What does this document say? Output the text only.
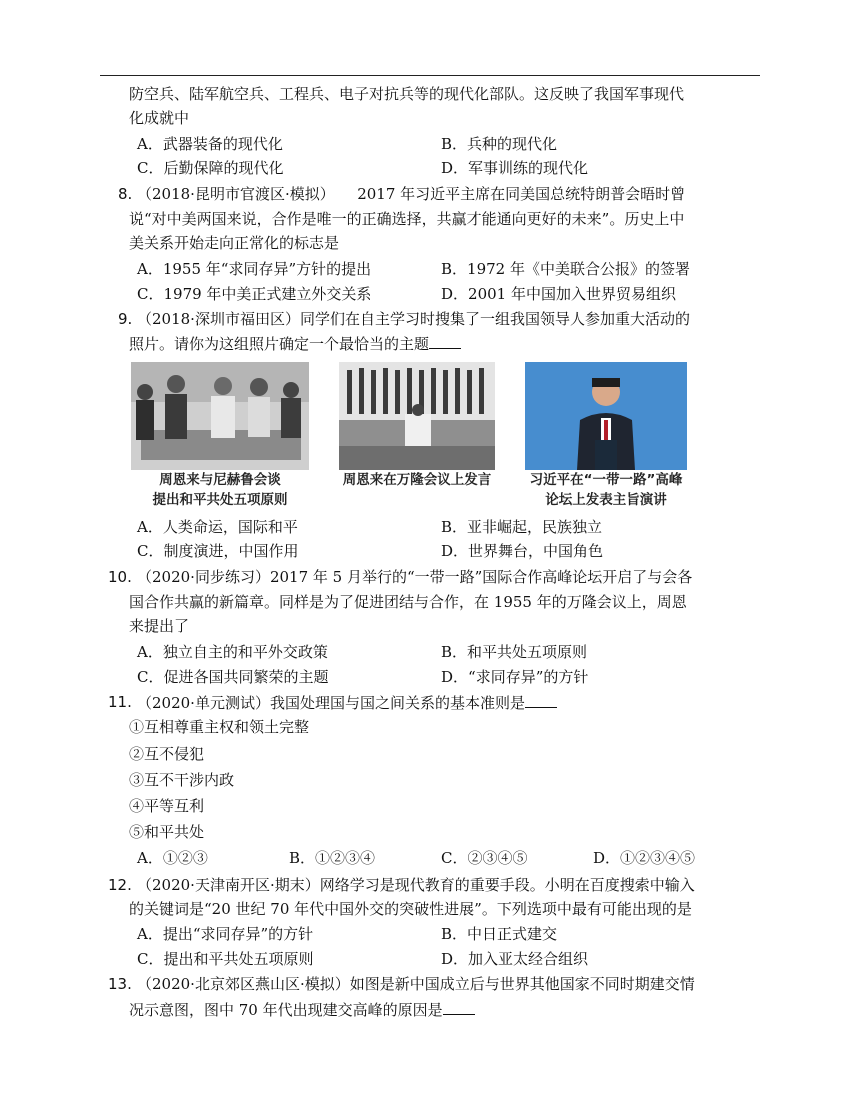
防空兵、陆军航空兵、工程兵、电子对抗兵等的现代化部队。这反映了我国军事现代
化成就中
A．武器装备的现代化	B．兵种的现代化
C．后勤保障的现代化	D．军事训练的现代化
8. （2018·昆明市官渡区·模拟）　　2017 年习近平主席在同美国总统特朗普会晤时曾
说“对中美两国来说，合作是唯一的正确选择，共赢才能通向更好的未来”。历史上中
美关系开始走向正常化的标志是
A．1955 年“求同存异”方针的提出	B．1972 年《中美联合公报》的签署
C．1979 年中美正式建立外交关系	D．2001 年中国加入世界贸易组织
9. （2018·深圳市福田区）同学们在自主学习时搜集了一组我国领导人参加重大活动的
照片。请你为这组照片确定一个最恰当的主题
周恩来与尼赫鲁会谈
提出和平共处五项原则
周恩来在万隆会议上发言	习近平在“一带一路”高峰
论坛上发表主旨演讲
A．人类命运，国际和平	B．亚非崛起，民族独立
C．制度演进，中国作用	D．世界舞台，中国角色
10. （2020·同步练习）2017 年 5 月举行的“一带一路”国际合作高峰论坛开启了与会各
国合作共赢的新篇章。同样是为了促进团结与合作，在 1955 年的万隆会议上，周恩
来提出了
A．独立自主的和平外交政策	B．和平共处五项原则
C．促进各国共同繁荣的主题	D．“求同存异”的方针
11. （2020·单元测试）我国处理国与国之间关系的基本准则是
①互相尊重主权和领土完整
②互不侵犯
③互不干涉内政
④平等互利
⑤和平共处
A．①②③	B．①②③④	C．②③④⑤	D．①②③④⑤
12. （2020·天津南开区·期末）网络学习是现代教育的重要手段。小明在百度搜索中输入
的关键词是“20 世纪 70 年代中国外交的突破性进展”。下列选项中最有可能出现的是
A．提出“求同存异”的方针	B．中日正式建交
C．提出和平共处五项原则	D．加入亚太经合组织
13. （2020·北京郊区燕山区·模拟）如图是新中国成立后与世界其他国家不同时期建交情
况示意图，图中 70 年代出现建交高峰的原因是
